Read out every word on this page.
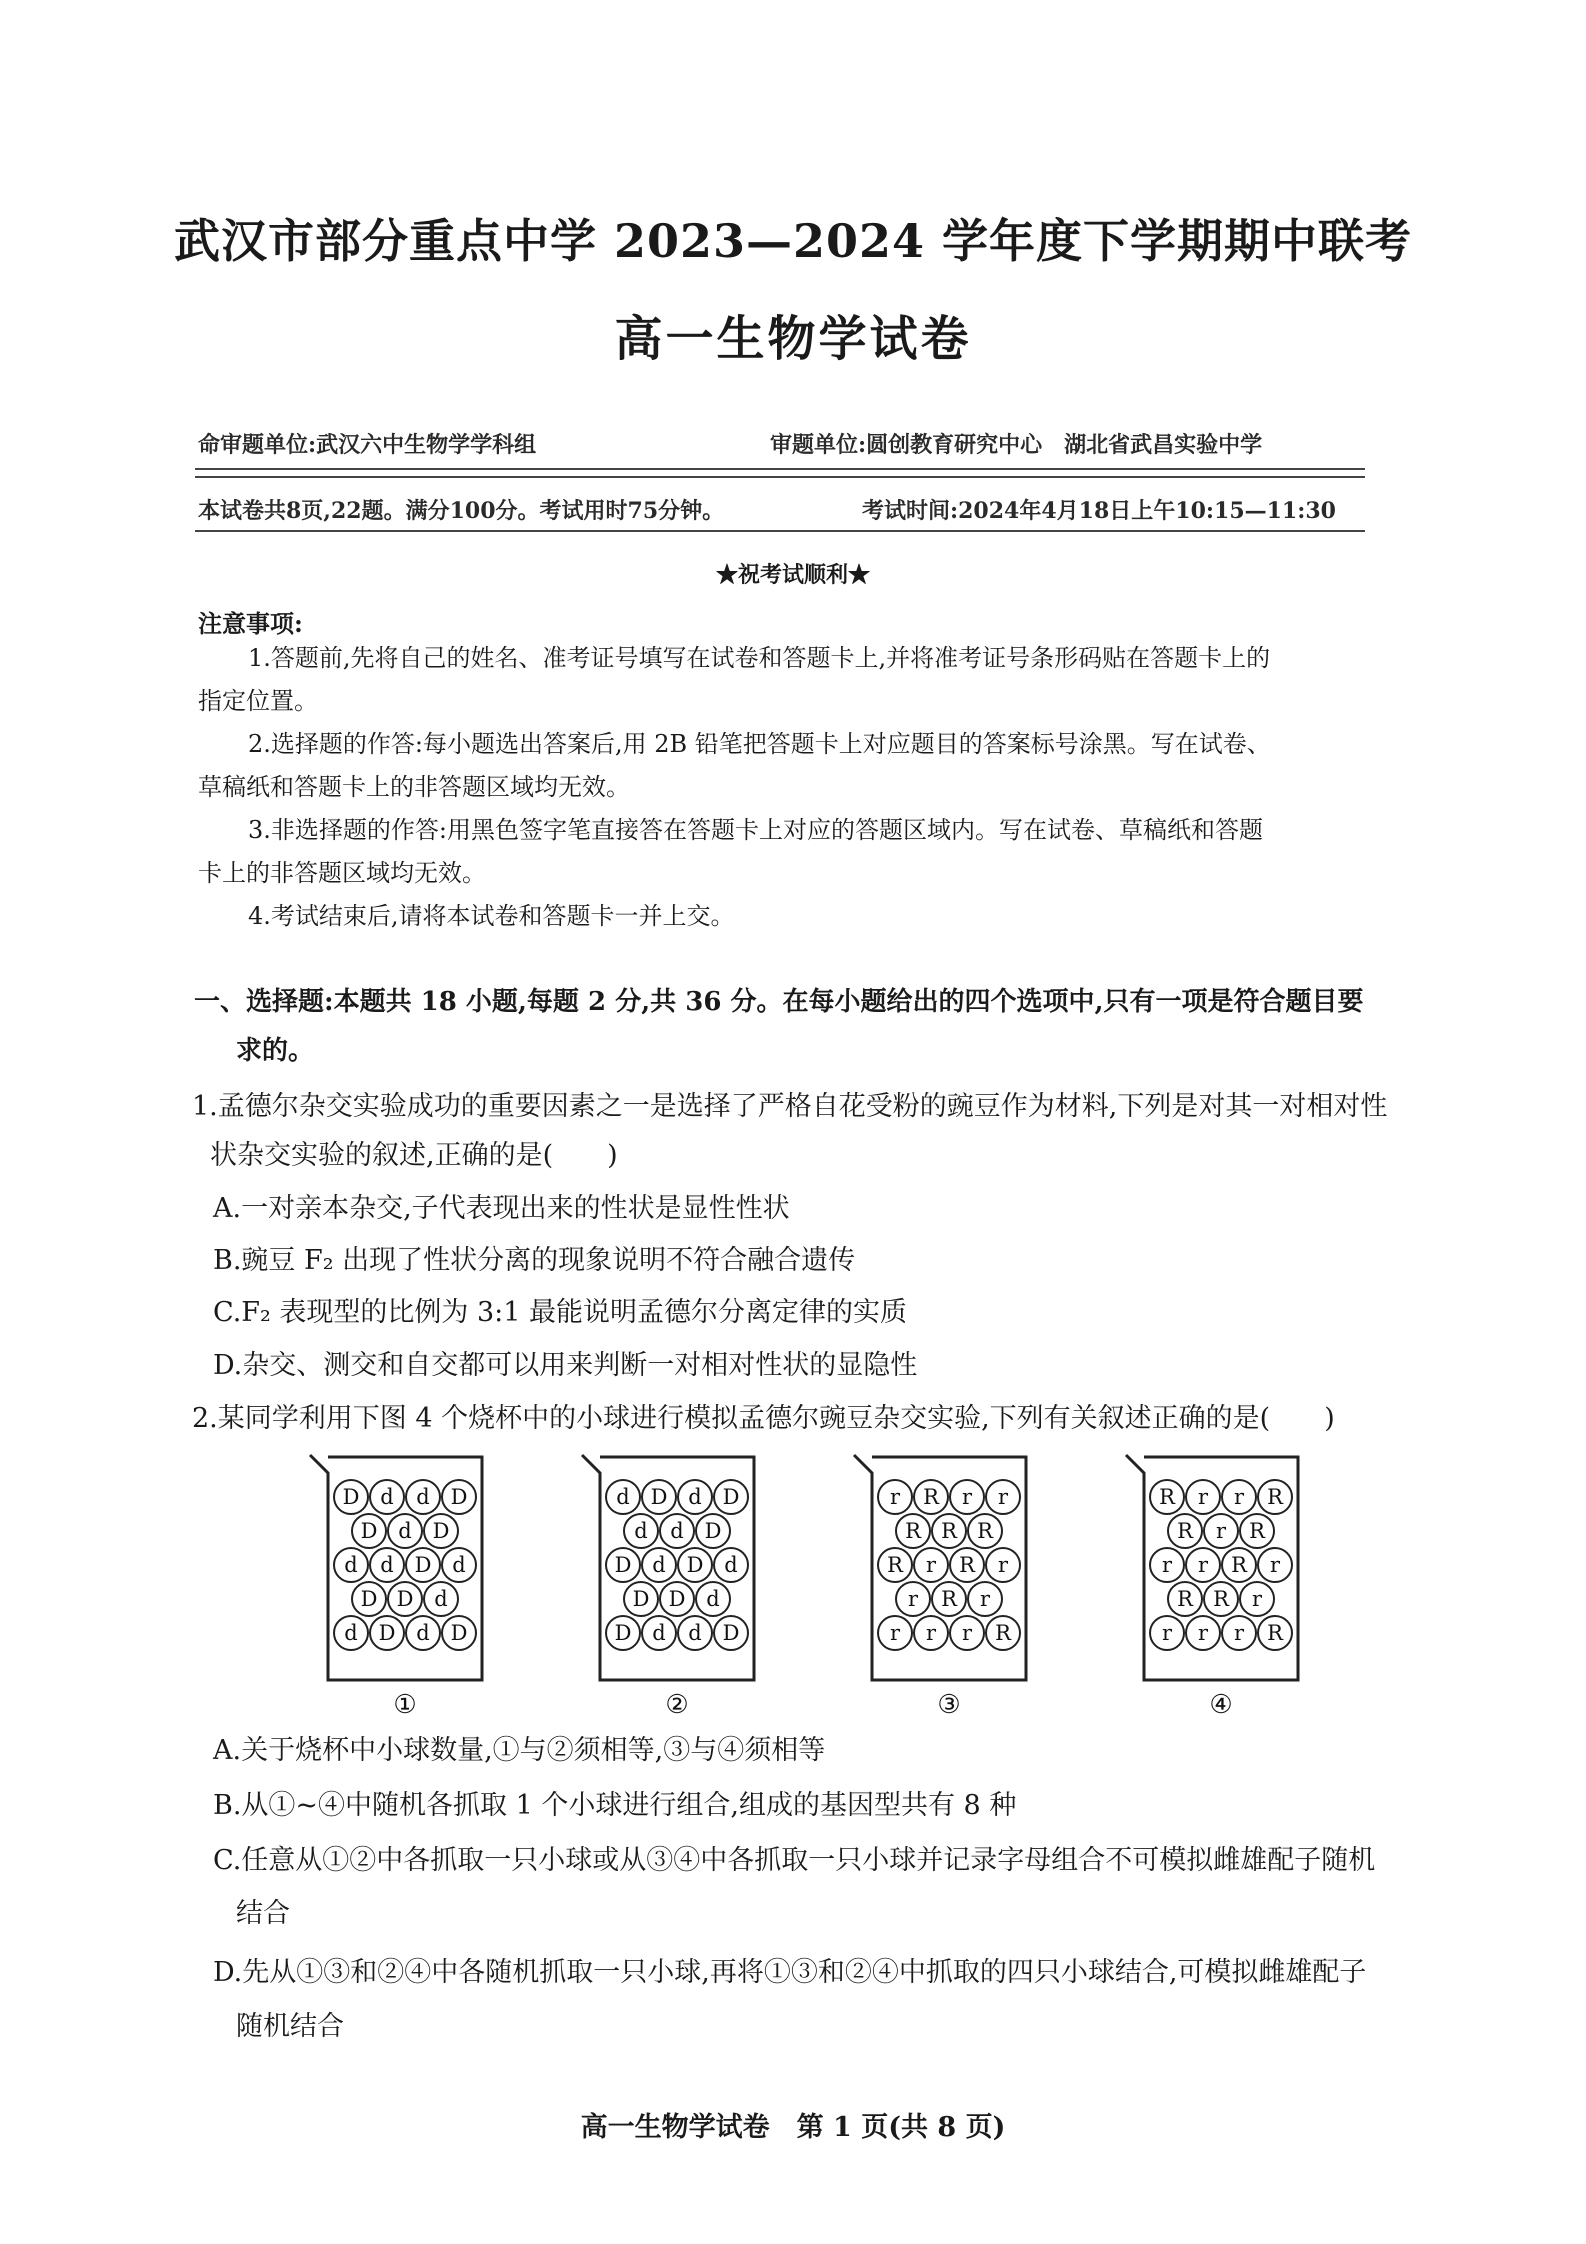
武汉市部分重点中学 2023—2024 学年度下学期期中联考
高一生物学试卷
命审题单位:武汉六中生物学学科组	审题单位:圆创教育研究中心　湖北省武昌实验中学
本试卷共8页,22题。满分100分。考试用时75分钟。	考试时间:2024年4月18日上午10:15—11:30
★祝考试顺利★
注意事项:
1.答题前,先将自己的姓名、准考证号填写在试卷和答题卡上,并将准考证号条形码贴在答题卡上的
指定位置。
2.选择题的作答:每小题选出答案后,用 2B 铅笔把答题卡上对应题目的答案标号涂黑。写在试卷、
草稿纸和答题卡上的非答题区域均无效。
3.非选择题的作答:用黑色签字笔直接答在答题卡上对应的答题区域内。写在试卷、草稿纸和答题
卡上的非答题区域均无效。
4.考试结束后,请将本试卷和答题卡一并上交。
一、选择题:本题共 18 小题,每题 2 分,共 36 分。在每小题给出的四个选项中,只有一项是符合题目要
求的。
1.孟德尔杂交实验成功的重要因素之一是选择了严格自花受粉的豌豆作为材料,下列是对其一对相对性
状杂交实验的叙述,正确的是(　　)
A.一对亲本杂交,子代表现出来的性状是显性性状
B.豌豆 F₂ 出现了性状分离的现象说明不符合融合遗传
C.F₂ 表现型的比例为 3:1 最能说明孟德尔分离定律的实质
D.杂交、测交和自交都可以用来判断一对相对性状的显隐性
2.某同学利用下图 4 个烧杯中的小球进行模拟孟德尔豌豆杂交实验,下列有关叙述正确的是(　　)
D d d D
D d D
d d D d
D D d
d D d D
①
d D d D
d d D
D d D d
D D d
D d d D
②
r R r r
R R R
R r R r
r R r
r r r R
③
R r r R
R r R
r r R r
R R r
r r r R
④
A.关于烧杯中小球数量,①与②须相等,③与④须相等
B.从①~④中随机各抓取 1 个小球进行组合,组成的基因型共有 8 种
C.任意从①②中各抓取一只小球或从③④中各抓取一只小球并记录字母组合不可模拟雌雄配子随机
结合
D.先从①③和②④中各随机抓取一只小球,再将①③和②④中抓取的四只小球结合,可模拟雌雄配子
随机结合
高一生物学试卷　第 1 页(共 8 页)
